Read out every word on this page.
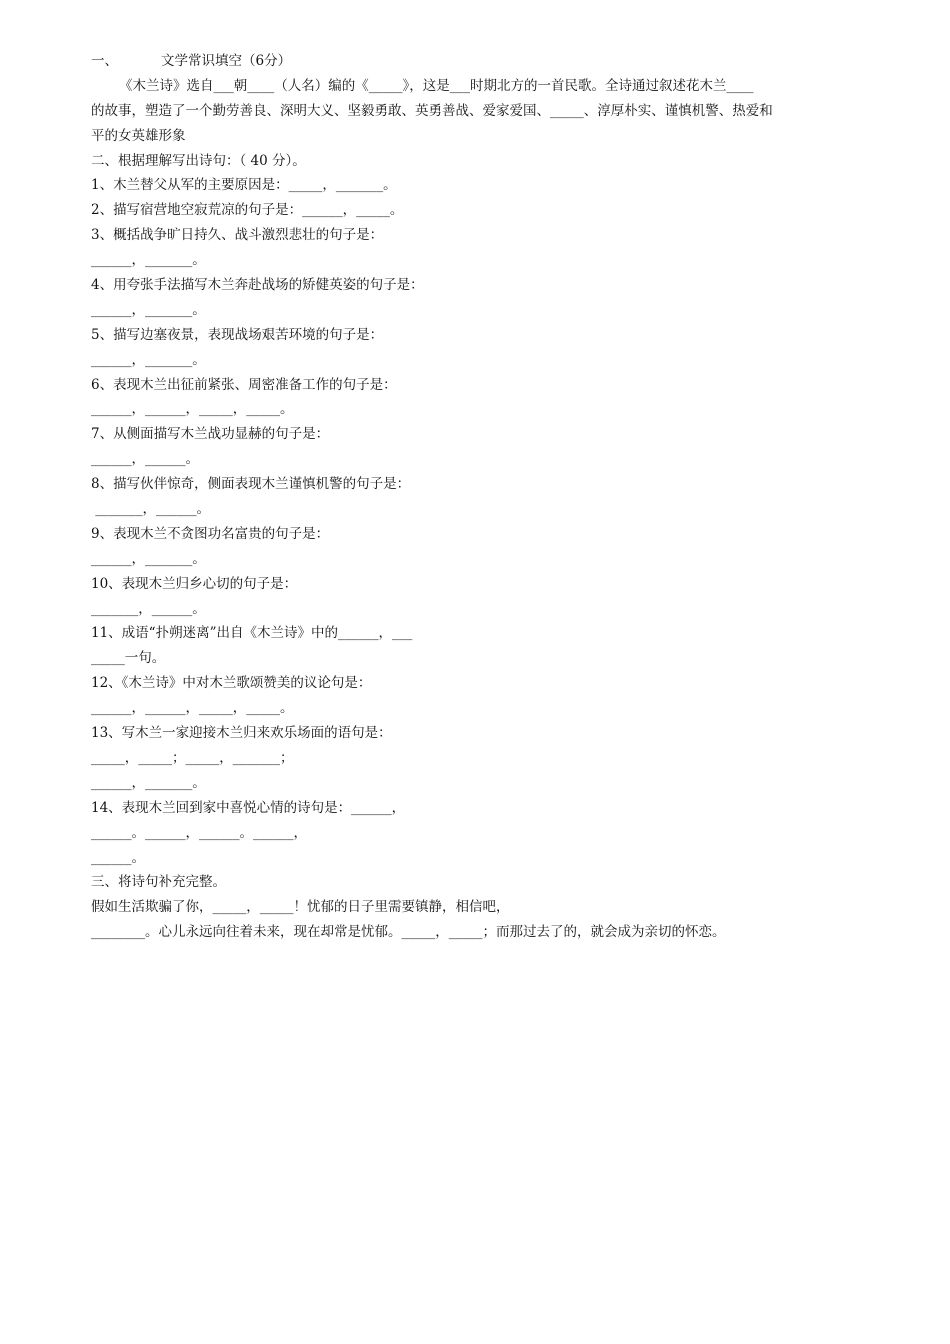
一、	文学常识填空（6分）
《木兰诗》选自___朝____（人名）编的《_____》，这是___时期北方的一首民歌。全诗通过叙述花木兰____
的故事，塑造了一个勤劳善良、深明大义、坚毅勇敢、英勇善战、爱家爱国、_____、淳厚朴实、谨慎机警、热爱和
平的女英雄形象
二、根据理解写出诗句：（ 40 分）。
1、木兰替父从军的主要原因是：_____，_______。
2、描写宿营地空寂荒凉的句子是：______，_____。
3、概括战争旷日持久、战斗激烈悲壮的句子是：
______，_______。
4、用夸张手法描写木兰奔赴战场的矫健英姿的句子是：
______，_______。
5、描写边塞夜景，表现战场艰苦环境的句子是：
______，_______。
6、表现木兰出征前紧张、周密准备工作的句子是：
______，______，_____，_____。
7、从侧面描写木兰战功显赫的句子是：
______，______。
8、描写伙伴惊奇，侧面表现木兰谨慎机警的句子是：
_______，______。
9、表现木兰不贪图功名富贵的句子是：
______，_______。
10、表现木兰归乡心切的句子是：
_______，______。
11、成语“扑朔迷离”出自《木兰诗》中的______，___
_____一句。
12、《木兰诗》中对木兰歌颂赞美的议论句是：
______，______，_____，_____。
13、写木兰一家迎接木兰归来欢乐场面的语句是：
_____，_____；_____，_______；
______，_______。
14、表现木兰回到家中喜悦心情的诗句是：______，
______。______，______。______，
______。
三、将诗句补充完整。
假如生活欺骗了你，_____，_____！忧郁的日子里需要镇静，相信吧，
________。心儿永远向往着未来，现在却常是忧郁。_____，_____；而那过去了的，就会成为亲切的怀恋。
